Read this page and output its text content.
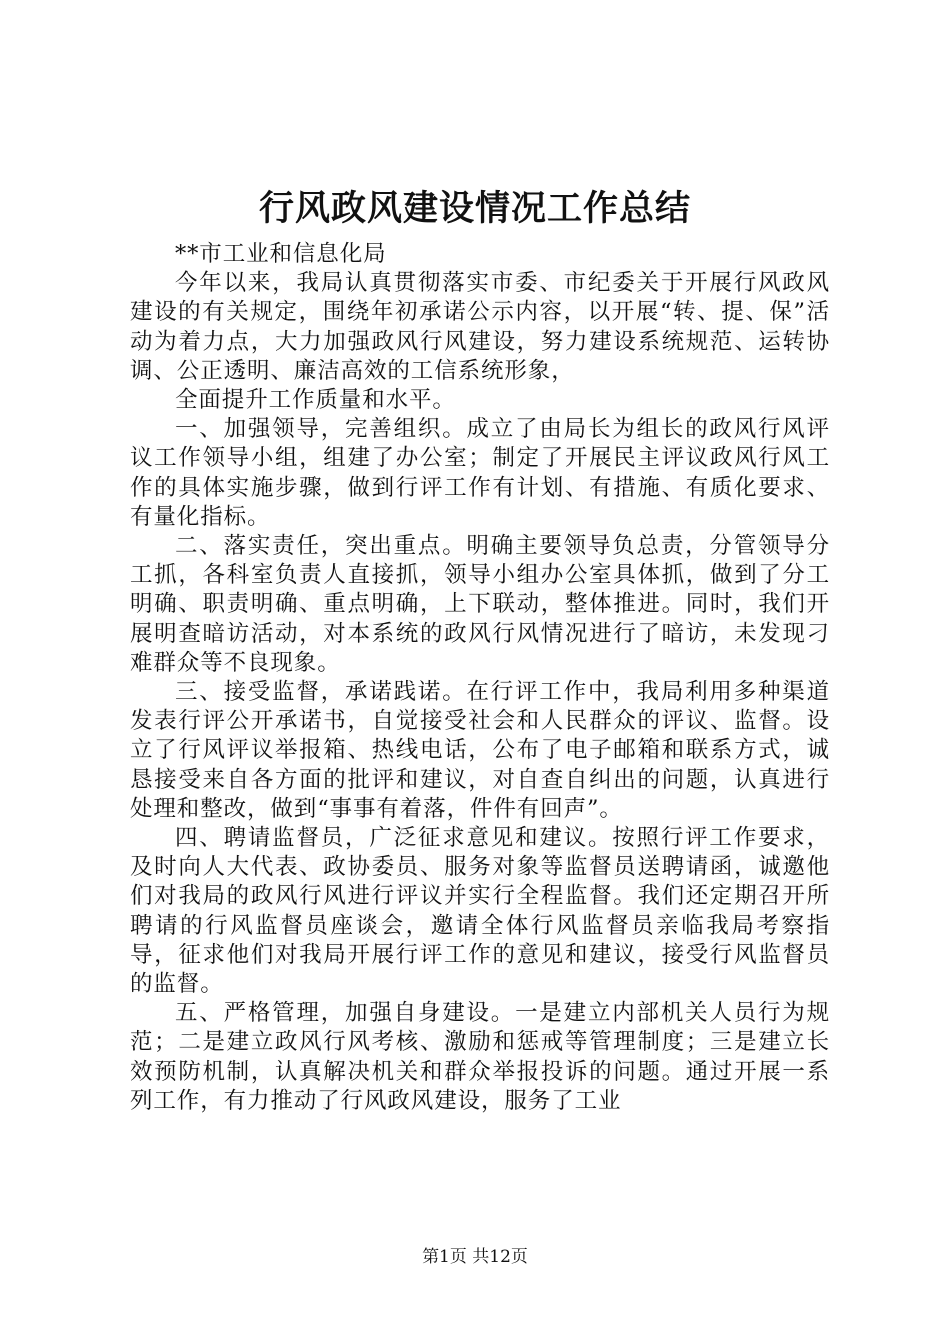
行风政风建设情况工作总结

**市工业和信息化局

今年以来，我局认真贯彻落实市委、市纪委关于开展行风政风建设的有关规定，围绕年初承诺公示内容，以开展“转、提、保”活动为着力点，大力加强政风行风建设，努力建设系统规范、运转协调、公正透明、廉洁高效的工信系统形象，

全面提升工作质量和水平。

一、加强领导，完善组织。成立了由局长为组长的政风行风评议工作领导小组，组建了办公室；制定了开展民主评议政风行风工作的具体实施步骤，做到行评工作有计划、有措施、有质化要求、有量化指标。

二、落实责任，突出重点。明确主要领导负总责，分管领导分工抓，各科室负责人直接抓，领导小组办公室具体抓，做到了分工明确、职责明确、重点明确，上下联动，整体推进。同时，我们开展明查暗访活动，对本系统的政风行风情况进行了暗访，未发现刁难群众等不良现象。

三、接受监督，承诺践诺。在行评工作中，我局利用多种渠道发表行评公开承诺书，自觉接受社会和人民群众的评议、监督。设立了行风评议举报箱、热线电话，公布了电子邮箱和联系方式，诚恳接受来自各方面的批评和建议，对自查自纠出的问题，认真进行处理和整改，做到“事事有着落，件件有回声”。

四、聘请监督员，广泛征求意见和建议。按照行评工作要求，及时向人大代表、政协委员、服务对象等监督员送聘请函，诚邀他们对我局的政风行风进行评议并实行全程监督。我们还定期召开所聘请的行风监督员座谈会，邀请全体行风监督员亲临我局考察指导，征求他们对我局开展行评工作的意见和建议，接受行风监督员的监督。

五、严格管理，加强自身建设。一是建立内部机关人员行为规范；二是建立政风行风考核、激励和惩戒等管理制度；三是建立长效预防机制，认真解决机关和群众举报投诉的问题。通过开展一系列工作，有力推动了行风政风建设，服务了工业

第1页 共12页
